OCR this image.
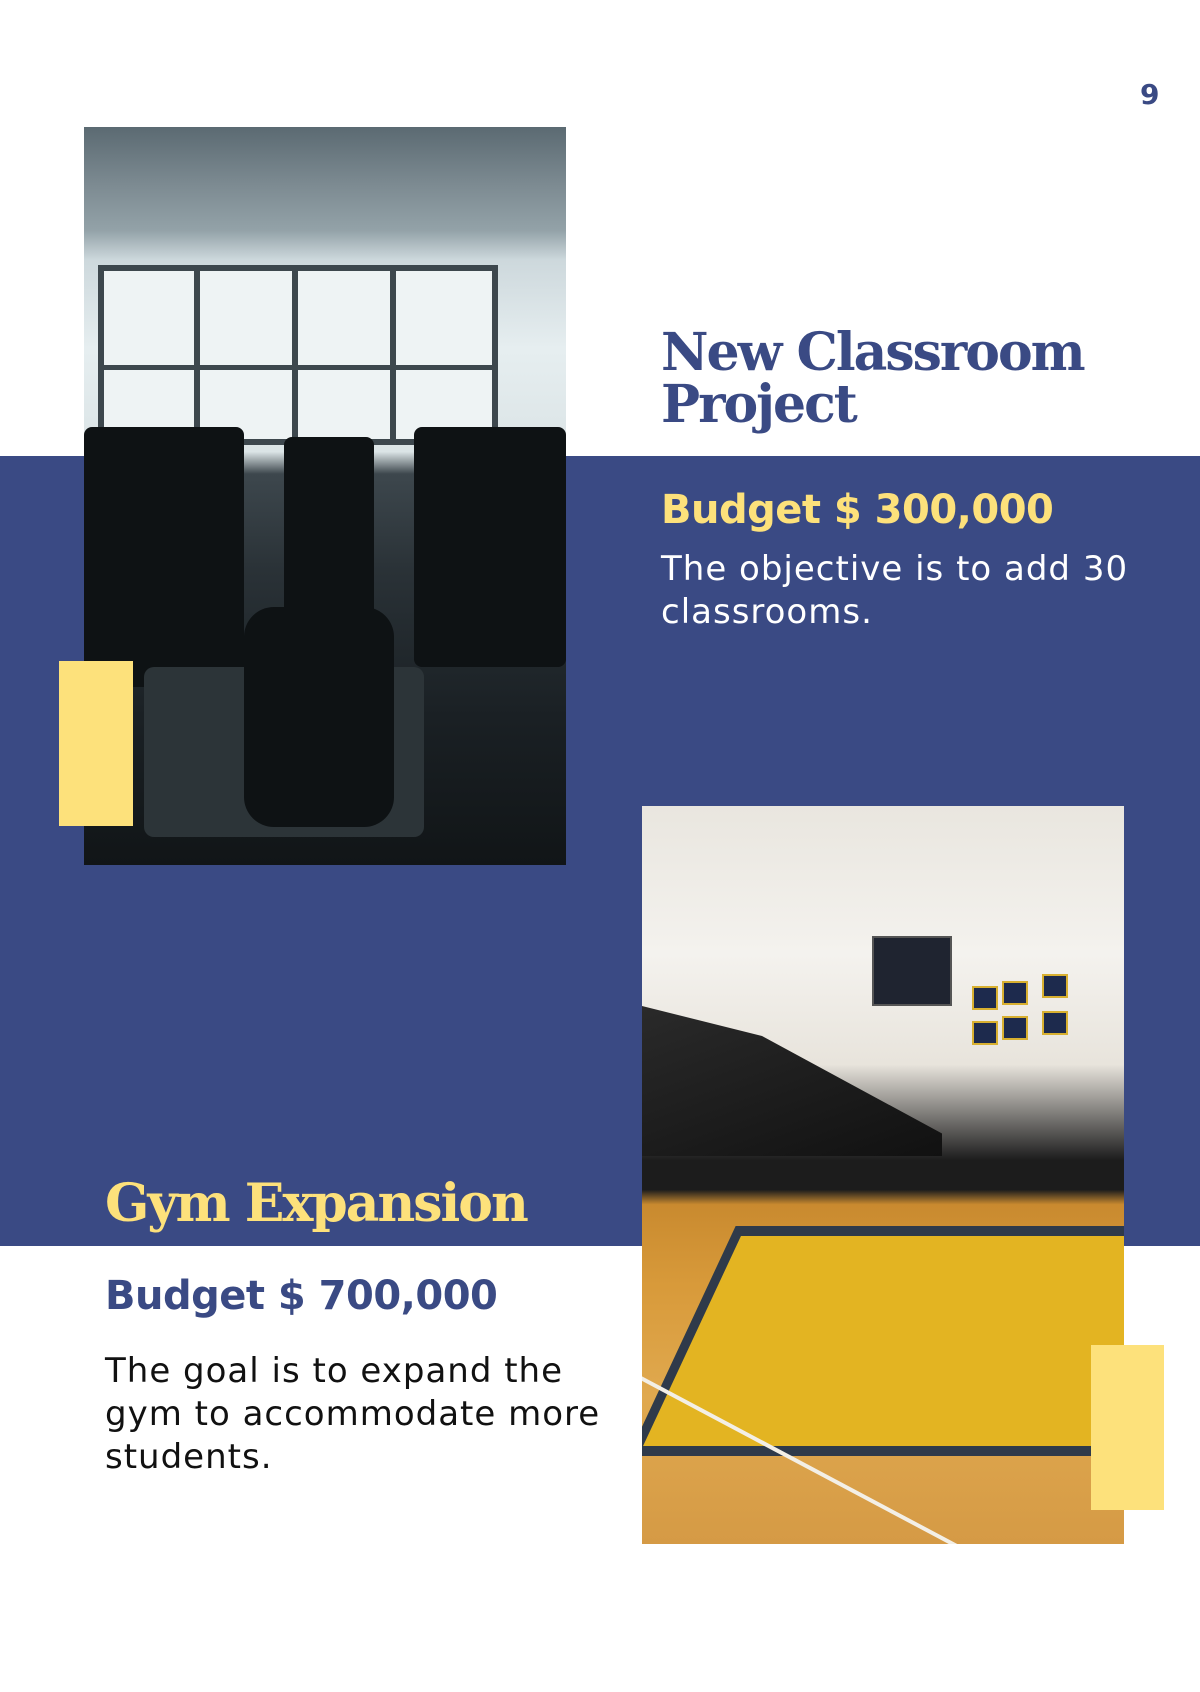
9
New Classroom Project
Budget $ 300,000
The objective is to add 30 classrooms.
Gym Expansion
Budget $ 700,000
The goal is to expand the gym to accommodate more students.
